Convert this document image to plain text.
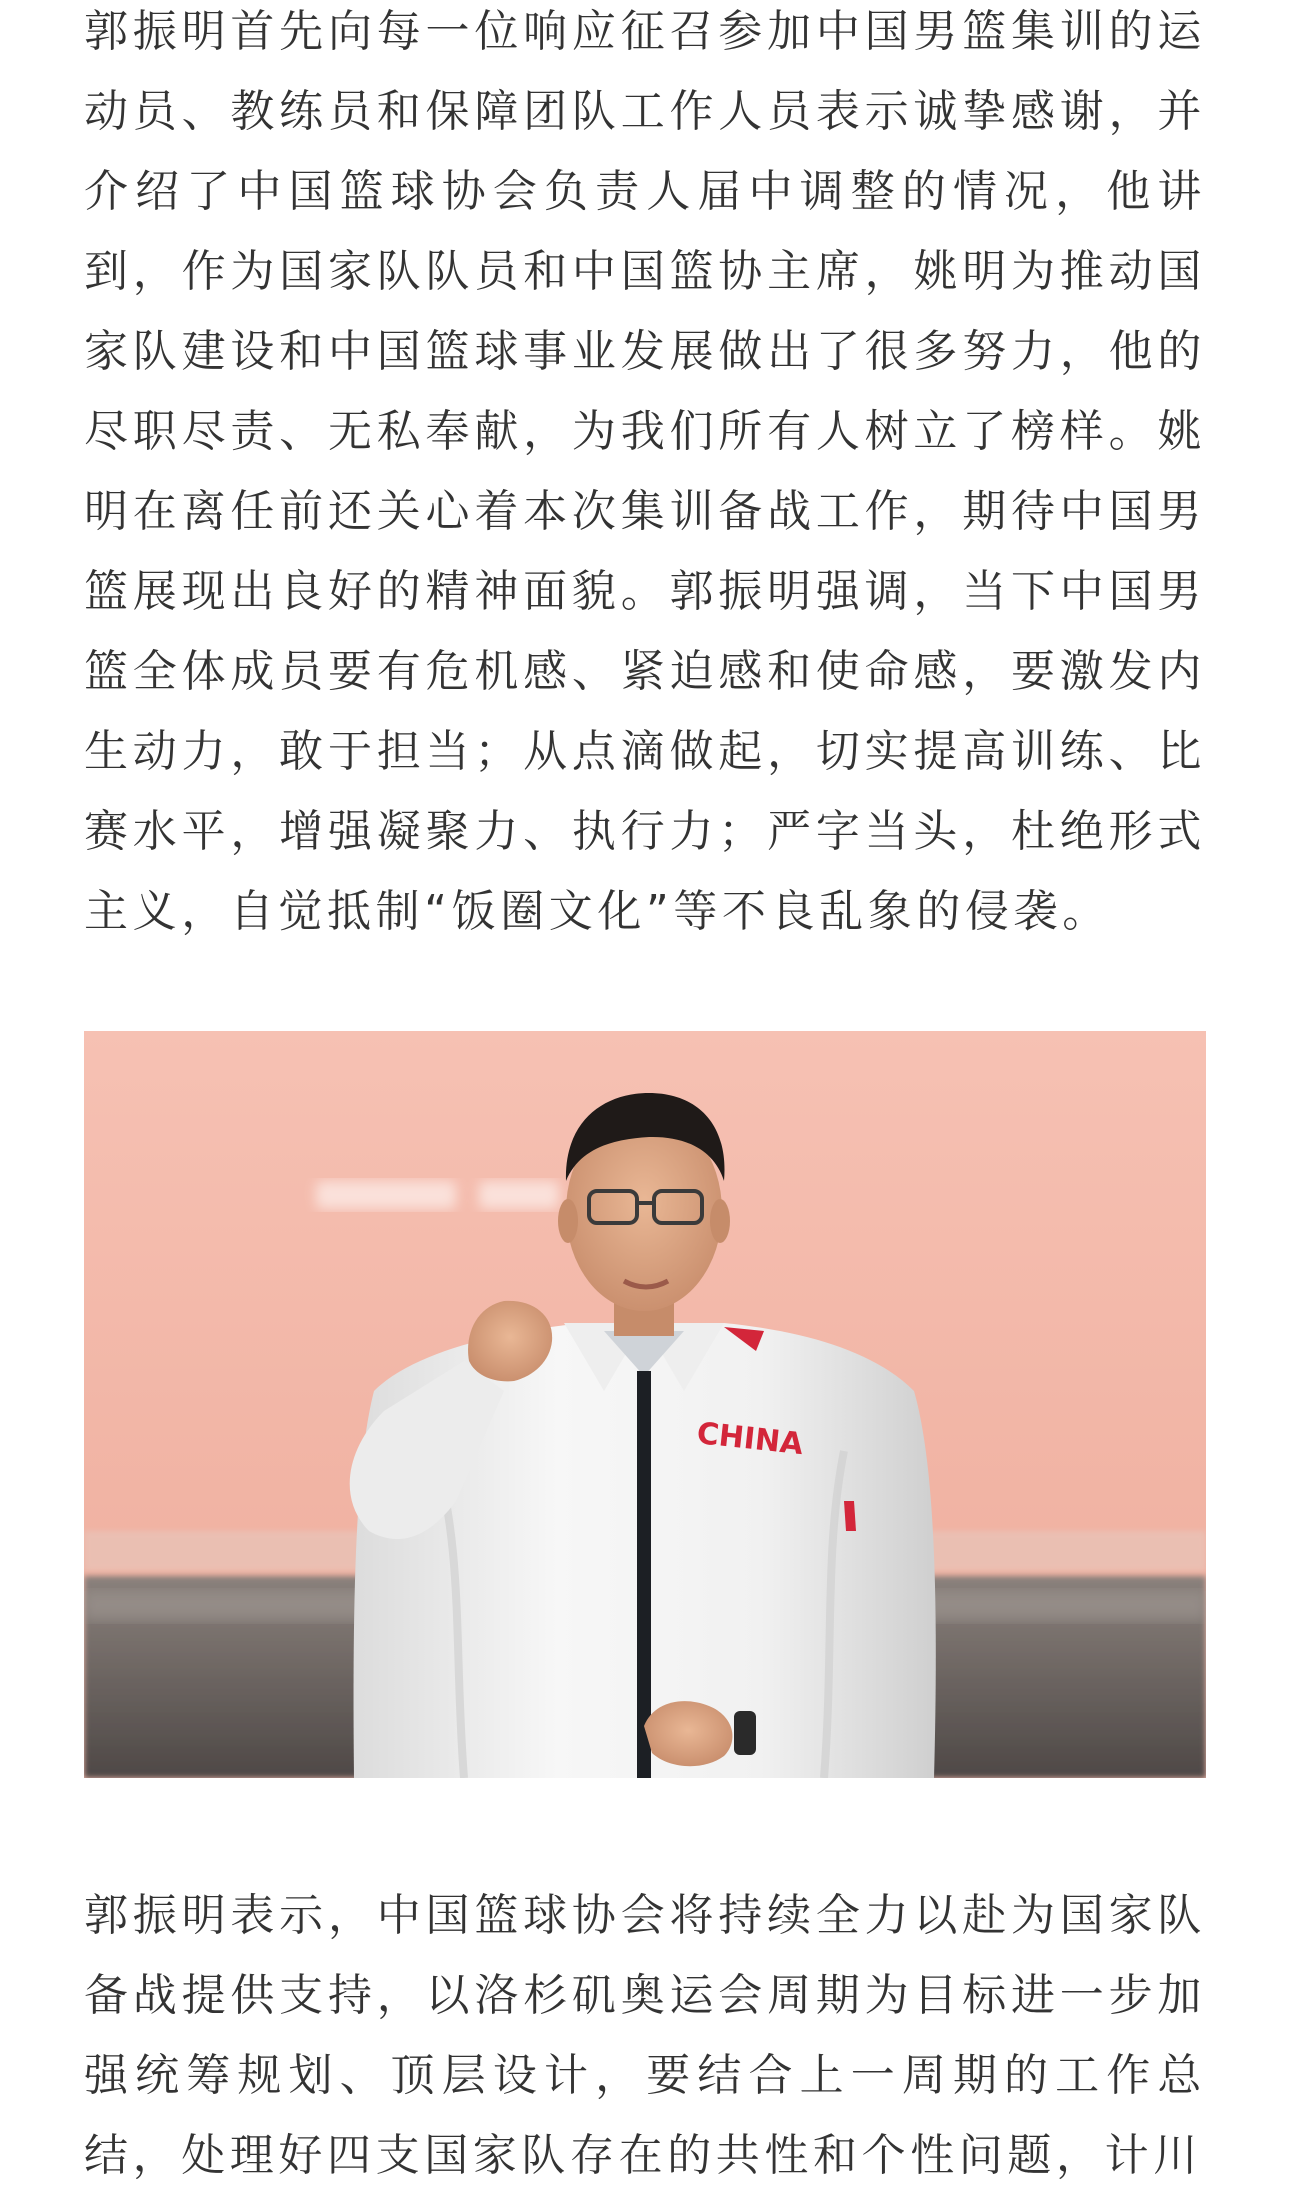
郭振明首先向每一位响应征召参加中国男篮集训的运动员、教练员和保障团队工作人员表示诚挚感谢，并介绍了中国篮球协会负责人届中调整的情况，他讲到，作为国家队队员和中国篮协主席，姚明为推动国家队建设和中国篮球事业发展做出了很多努力，他的尽职尽责、无私奉献，为我们所有人树立了榜样。姚明在离任前还关心着本次集训备战工作，期待中国男篮展现出良好的精神面貌。郭振明强调，当下中国男篮全体成员要有危机感、紧迫感和使命感，要激发内生动力，敢于担当；从点滴做起，切实提高训练、比赛水平，增强凝聚力、执行力；严字当头，杜绝形式主义，自觉抵制“饭圈文化”等不良乱象的侵袭。

CHINA

郭振明表示，中国篮球协会将持续全力以赴为国家队备战提供支持，以洛杉矶奥运会周期为目标进一步加强统筹规划、顶层设计，要结合上一周期的工作总结，处理好四支国家队存在的共性和个性问题，计川
